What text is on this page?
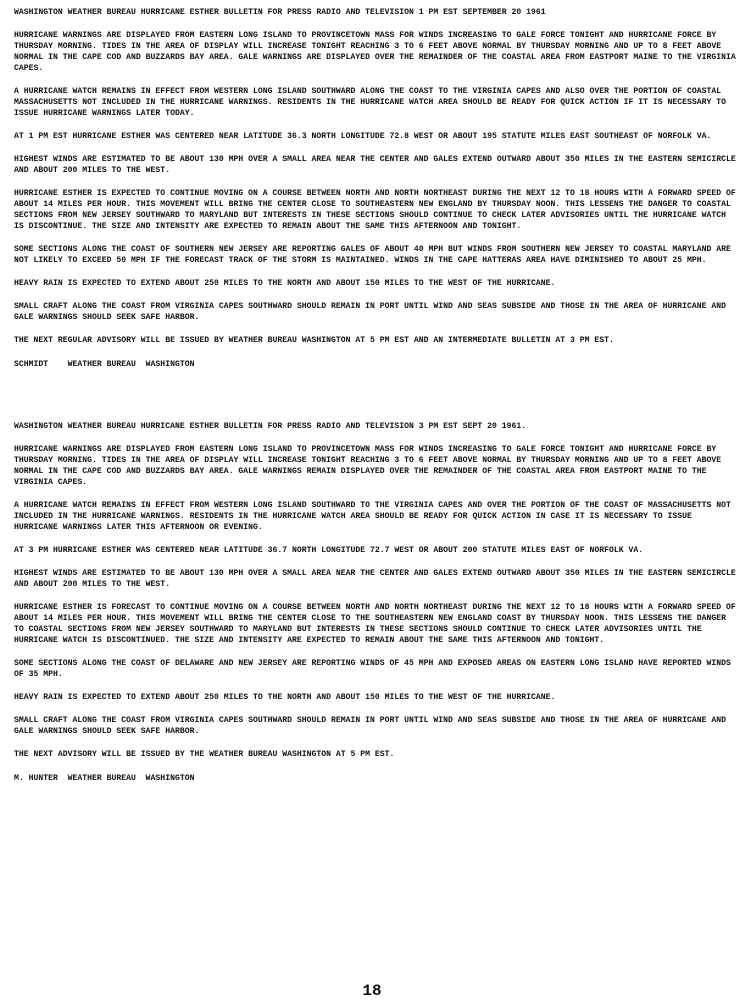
WASHINGTON WEATHER BUREAU HURRICANE ESTHER BULLETIN FOR PRESS RADIO AND TELEVISION 1 PM EST SEPTEMBER 20 1961

HURRICANE WARNINGS ARE DISPLAYED FROM EASTERN LONG ISLAND TO PROVINCETOWN MASS FOR WINDS INCREASING TO GALE FORCE TONIGHT AND HURRICANE FORCE BY THURSDAY MORNING. TIDES IN THE AREA OF DISPLAY WILL INCREASE TONIGHT REACHING 3 TO 6 FEET ABOVE NORMAL BY THURSDAY MORNING AND UP TO 8 FEET ABOVE NORMAL IN THE CAPE COD AND BUZZARDS BAY AREA. GALE WARNINGS ARE DISPLAYED OVER THE REMAINDER OF THE COASTAL AREA FROM EASTPORT MAINE TO THE VIRGINIA CAPES.

A HURRICANE WATCH REMAINS IN EFFECT FROM WESTERN LONG ISLAND SOUTHWARD ALONG THE COAST TO THE VIRGINIA CAPES AND ALSO OVER THE PORTION OF COASTAL MASSACHUSETTS NOT INCLUDED IN THE HURRICANE WARNINGS. RESIDENTS IN THE HURRICANE WATCH AREA SHOULD BE READY FOR QUICK ACTION IF IT IS NECESSARY TO ISSUE HURRICANE WARNINGS LATER TODAY.

AT 1 PM EST HURRICANE ESTHER WAS CENTERED NEAR LATITUDE 36.3 NORTH LONGITUDE 72.8 WEST OR ABOUT 195 STATUTE MILES EAST SOUTHEAST OF NORFOLK VA.

HIGHEST WINDS ARE ESTIMATED TO BE ABOUT 130 MPH OVER A SMALL AREA NEAR THE CENTER AND GALES EXTEND OUTWARD ABOUT 350 MILES IN THE EASTERN SEMICIRCLE AND ABOUT 200 MILES TO THE WEST.

HURRICANE ESTHER IS EXPECTED TO CONTINUE MOVING ON A COURSE BETWEEN NORTH AND NORTH NORTHEAST DURING THE NEXT 12 TO 18 HOURS WITH A FORWARD SPEED OF ABOUT 14 MILES PER HOUR. THIS MOVEMENT WILL BRING THE CENTER CLOSE TO SOUTHEASTERN NEW ENGLAND BY THURSDAY NOON. THIS LESSENS THE DANGER TO COASTAL SECTIONS FROM NEW JERSEY SOUTHWARD TO MARYLAND BUT INTERESTS IN THESE SECTIONS SHOULD CONTINUE TO CHECK LATER ADVISORIES UNTIL THE HURRICANE WATCH IS DISCONTINUE. THE SIZE AND INTENSITY ARE EXPECTED TO REMAIN ABOUT THE SAME THIS AFTERNOON AND TONIGHT.

SOME SECTIONS ALONG THE COAST OF SOUTHERN NEW JERSEY ARE REPORTING GALES OF ABOUT 40 MPH BUT WINDS FROM SOUTHERN NEW JERSEY TO COASTAL MARYLAND ARE NOT LIKELY TO EXCEED 50 MPH IF THE FORECAST TRACK OF THE STORM IS MAINTAINED. WINDS IN THE CAPE HATTERAS AREA HAVE DIMINISHED TO ABOUT 25 MPH.

HEAVY RAIN IS EXPECTED TO EXTEND ABOUT 250 MILES TO THE NORTH AND ABOUT 150 MILES TO THE WEST OF THE HURRICANE.

SMALL CRAFT ALONG THE COAST FROM VIRGINIA CAPES SOUTHWARD SHOULD REMAIN IN PORT UNTIL WIND AND SEAS SUBSIDE AND THOSE IN THE AREA OF HURRICANE AND GALE WARNINGS SHOULD SEEK SAFE HARBOR.

THE NEXT REGULAR ADVISORY WILL BE ISSUED BY WEATHER BUREAU WASHINGTON AT 5 PM EST AND AN INTERMEDIATE BULLETIN AT 3 PM EST.

SCHMIDT    WEATHER BUREAU  WASHINGTON

WASHINGTON WEATHER BUREAU HURRICANE ESTHER BULLETIN FOR PRESS RADIO AND TELEVISION 3 PM EST SEPT 20 1961.

HURRICANE WARNINGS ARE DISPLAYED FROM EASTERN LONG ISLAND TO PROVINCETOWN MASS FOR WINDS INCREASING TO GALE FORCE TONIGHT AND HURRICANE FORCE BY THURSDAY MORNING. TIDES IN THE AREA OF DISPLAY WILL INCREASE TONIGHT REACHING 3 TO 6 FEET ABOVE NORMAL BY THURSDAY MORNING AND UP TO 8 FEET ABOVE NORMAL IN THE CAPE COD AND BUZZARDS BAY AREA. GALE WARNINGS REMAIN DISPLAYED OVER THE REMAINDER OF THE COASTAL AREA FROM EASTPORT MAINE TO THE VIRGINIA CAPES.

A HURRICANE WATCH REMAINS IN EFFECT FROM WESTERN LONG ISLAND SOUTHWARD TO THE VIRGINIA CAPES AND OVER THE PORTION OF THE COAST OF MASSACHUSETTS NOT INCLUDED IN THE HURRICANE WARNINGS. RESIDENTS IN THE HURRICANE WATCH AREA SHOULD BE READY FOR QUICK ACTION IN CASE IT IS NECESSARY TO ISSUE HURRICANE WARNINGS LATER THIS AFTERNOON OR EVENING.

AT 3 PM HURRICANE ESTHER WAS CENTERED NEAR LATITUDE 36.7 NORTH LONGITUDE 72.7 WEST OR ABOUT 200 STATUTE MILES EAST OF NORFOLK VA.

HIGHEST WINDS ARE ESTIMATED TO BE ABOUT 130 MPH OVER A SMALL AREA NEAR THE CENTER AND GALES EXTEND OUTWARD ABOUT 350 MILES IN THE EASTERN SEMICIRCLE AND ABOUT 200 MILES TO THE WEST.

HURRICANE ESTHER IS FORECAST TO CONTINUE MOVING ON A COURSE BETWEEN NORTH AND NORTH NORTHEAST DURING THE NEXT 12 TO 18 HOURS WITH A FORWARD SPEED OF ABOUT 14 MILES PER HOUR. THIS MOVEMENT WILL BRING THE CENTER CLOSE TO THE SOUTHEASTERN NEW ENGLAND COAST BY THURSDAY NOON. THIS LESSENS THE DANGER TO COASTAL SECTIONS FROM NEW JERSEY SOUTHWARD TO MARYLAND BUT INTERESTS IN THESE SECTIONS SHOULD CONTINUE TO CHECK LATER ADVISORIES UNTIL THE HURRICANE WATCH IS DISCONTINUED. THE SIZE AND INTENSITY ARE EXPECTED TO REMAIN ABOUT THE SAME THIS AFTERNOON AND TONIGHT.

SOME SECTIONS ALONG THE COAST OF DELAWARE AND NEW JERSEY ARE REPORTING WINDS OF 45 MPH AND EXPOSED AREAS ON EASTERN LONG ISLAND HAVE REPORTED WINDS OF 35 MPH.

HEAVY RAIN IS EXPECTED TO EXTEND ABOUT 250 MILES TO THE NORTH AND ABOUT 150 MILES TO THE WEST OF THE HURRICANE.

SMALL CRAFT ALONG THE COAST FROM VIRGINIA CAPES SOUTHWARD SHOULD REMAIN IN PORT UNTIL WIND AND SEAS SUBSIDE AND THOSE IN THE AREA OF HURRICANE AND GALE WARNINGS SHOULD SEEK SAFE HARBOR.

THE NEXT ADVISORY WILL BE ISSUED BY THE WEATHER BUREAU WASHINGTON AT 5 PM EST.

M. HUNTER  WEATHER BUREAU  WASHINGTON

18
